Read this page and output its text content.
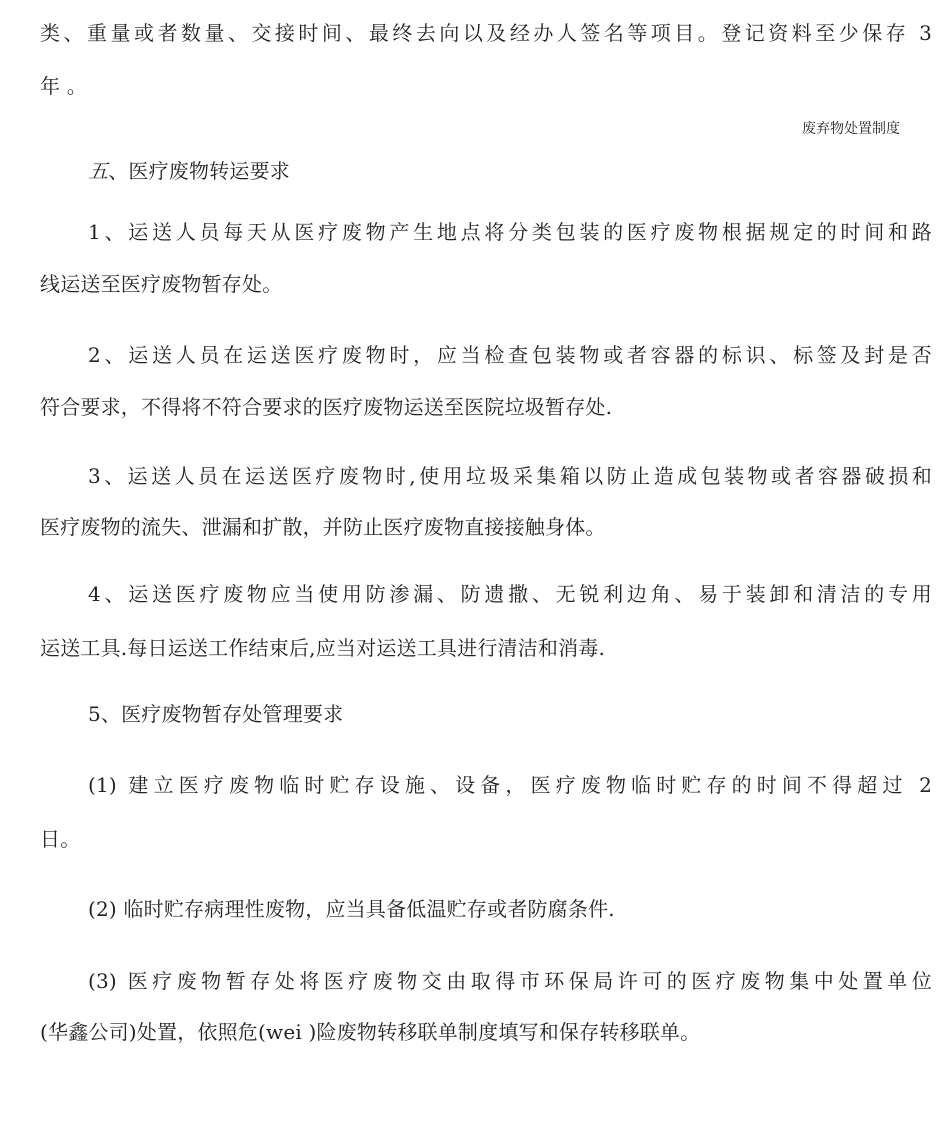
类、重量或者数量、交接时间、最终去向以及经办人签名等项目。登记资料至少保存 3
年 。
废弃物处置制度
五、医疗废物转运要求
1、运送人员每天从医疗废物产生地点将分类包装的医疗废物根据规定的时间和路
线运送至医疗废物暂存处。
2、运送人员在运送医疗废物时，应当检查包装物或者容器的标识、标签及封是否
符合要求，不得将不符合要求的医疗废物运送至医院垃圾暂存处.
3、运送人员在运送医疗废物时,使用垃圾采集箱以防止造成包装物或者容器破损和
医疗废物的流失、泄漏和扩散，并防止医疗废物直接接触身体。
4、运送医疗废物应当使用防渗漏、防遗撒、无锐利边角、易于装卸和清洁的专用
运送工具.每日运送工作结束后,应当对运送工具进行清洁和消毒.
5、医疗废物暂存处管理要求
(1) 建立医疗废物临时贮存设施、设备，医疗废物临时贮存的时间不得超过 2
日。
(2) 临时贮存病理性废物，应当具备低温贮存或者防腐条件.
(3) 医疗废物暂存处将医疗废物交由取得市环保局许可的医疗废物集中处置单位
(华鑫公司)处置，依照危(wei )险废物转移联单制度填写和保存转移联单。
